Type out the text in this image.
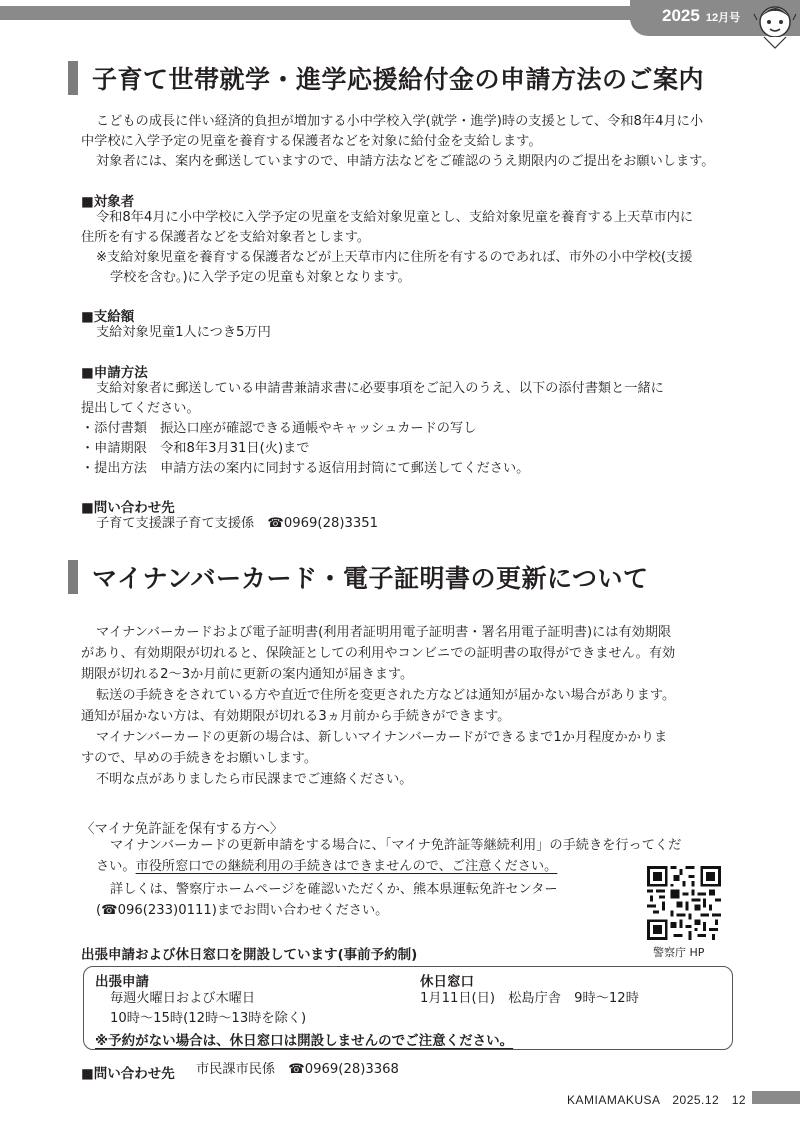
2025 12月号
子育て世帯就学・進学応援給付金の申請方法のご案内
こどもの成長に伴い経済的負担が増加する小中学校入学(就学・進学)時の支援として、令和8年4月に小
中学校に入学予定の児童を養育する保護者などを対象に給付金を支給します。
対象者には、案内を郵送していますので、申請方法などをご確認のうえ期限内のご提出をお願いします。
■対象者
令和8年4月に小中学校に入学予定の児童を支給対象児童とし、支給対象児童を養育する上天草市内に
住所を有する保護者などを支給対象者とします。
※支給対象児童を養育する保護者などが上天草市内に住所を有するのであれば、市外の小中学校(支援
学校を含む。)に入学予定の児童も対象となります。
■支給額
支給対象児童1人につき5万円
■申請方法
支給対象者に郵送している申請書兼請求書に必要事項をご記入のうえ、以下の添付書類と一緒に
提出してください。
・添付書類　振込口座が確認できる通帳やキャッシュカードの写し
・申請期限　令和8年3月31日(火)まで
・提出方法　申請方法の案内に同封する返信用封筒にて郵送してください。
■問い合わせ先
子育て支援課子育て支援係　☎0969(28)3351
マイナンバーカード・電子証明書の更新について
マイナンバーカードおよび電子証明書(利用者証明用電子証明書・署名用電子証明書)には有効期限
があり、有効期限が切れると、保険証としての利用やコンビニでの証明書の取得ができません。有効
期限が切れる2〜3か月前に更新の案内通知が届きます。
転送の手続きをされている方や直近で住所を変更された方などは通知が届かない場合があります。
通知が届かない方は、有効期限が切れる3ヵ月前から手続きができます。
マイナンバーカードの更新の場合は、新しいマイナンバーカードができるまで1か月程度かかりま
すので、早めの手続きをお願いします。
不明な点がありましたら市民課までご連絡ください。
〈マイナ免許証を保有する方へ〉
マイナンバーカードの更新申請をする場合に、「マイナ免許証等継続利用」の手続きを行ってくだ
さい。市役所窓口での継続利用の手続きはできませんので、ご注意ください。
詳しくは、警察庁ホームページを確認いただくか、熊本県運転免許センター
(☎096(233)0111)までお問い合わせください。
警察庁 HP
出張申請および休日窓口を開設しています(事前予約制)
出張申請
毎週火曜日および木曜日
10時〜15時(12時〜13時を除く)
休日窓口
1月11日(日)　松島庁舎　9時〜12時
※予約がない場合は、休日窓口は開設しませんのでご注意ください。
■問い合わせ先 市民課市民係　☎0969(28)3368
KAMIAMAKUSA　2025.12　12
